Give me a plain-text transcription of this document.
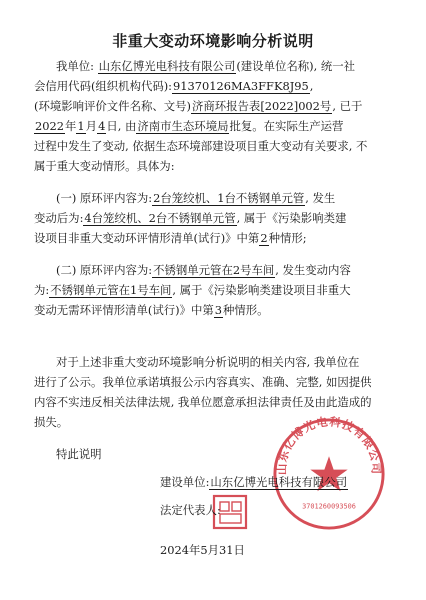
非重大变动环境影响分析说明
我单位: 山东亿博光电科技有限公司(建设单位名称), 统一社
会信用代码(组织机构代码):91370126MA3FFK8J95,
(环境影响评价文件名称、文号)济商环报告表[2022]002号, 已于
2022年1月4日, 由济南市生态环境局批复。在实际生产运营
过程中发生了变动, 依据生态环境部建设项目重大变动有关要求, 不
属于重大变动情形。具体为:
(一) 原环评内容为:2台笼绞机、1台不锈钢单元管, 发生
变动后为:4台笼绞机、2台不锈钢单元管, 属于《污染影响类建
设项目非重大变动环评情形清单(试行)》中第2种情形;
(二) 原环评内容为:不锈钢单元管在2号车间, 发生变动内容
为:不锈钢单元管在1号车间, 属于《污染影响类建设项目非重大
变动无需环评情形清单(试行)》中第3种情形。
对于上述非重大变动环境影响分析说明的相关内容, 我单位在
进行了公示。我单位承诺填报公示内容真实、准确、完整, 如因提供
内容不实违反相关法律法规, 我单位愿意承担法律责任及由此造成的
损失。
特此说明
山东亿博光电科技有限公司
3701260093506
建设单位:山东亿博光电科技有限公司
法定代表人:
2024年5月31日
